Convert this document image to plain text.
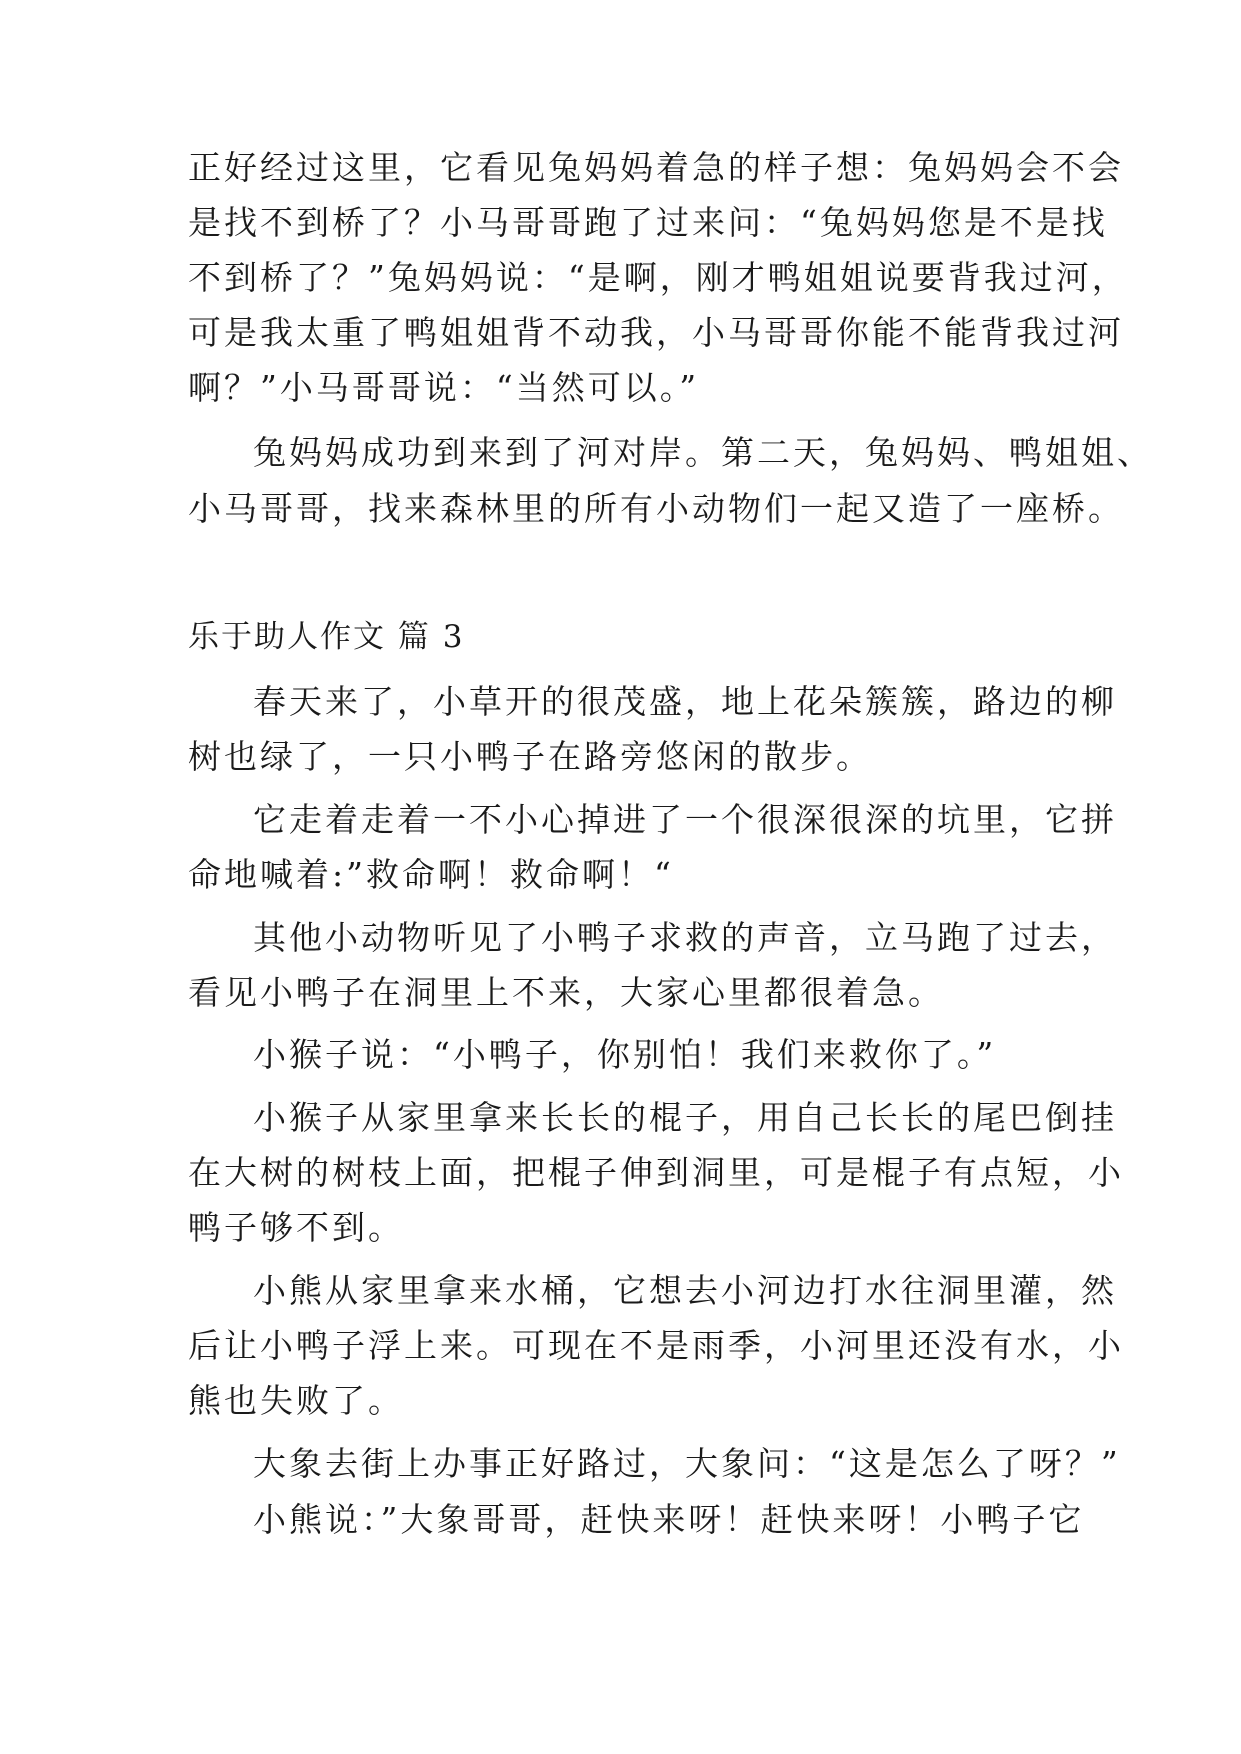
正好经过这里，它看见兔妈妈着急的样子想：兔妈妈会不会
是找不到桥了？小马哥哥跑了过来问：“兔妈妈您是不是找
不到桥了？”兔妈妈说：“是啊，刚才鸭姐姐说要背我过河，
可是我太重了鸭姐姐背不动我，小马哥哥你能不能背我过河
啊？”小马哥哥说：“当然可以。”
兔妈妈成功到来到了河对岸。第二天，兔妈妈、鸭姐姐、
小马哥哥，找来森林里的所有小动物们一起又造了一座桥。
乐于助人作文 篇 3
春天来了，小草开的很茂盛，地上花朵簇簇，路边的柳
树也绿了，一只小鸭子在路旁悠闲的散步。
它走着走着一不小心掉进了一个很深很深的坑里，它拼
命地喊着:”救命啊！救命啊！“
其他小动物听见了小鸭子求救的声音，立马跑了过去，
看见小鸭子在洞里上不来，大家心里都很着急。
小猴子说：“小鸭子，你别怕！我们来救你了。”
小猴子从家里拿来长长的棍子，用自己长长的尾巴倒挂
在大树的树枝上面，把棍子伸到洞里，可是棍子有点短，小
鸭子够不到。
小熊从家里拿来水桶，它想去小河边打水往洞里灌，然
后让小鸭子浮上来。可现在不是雨季，小河里还没有水，小
熊也失败了。
大象去街上办事正好路过，大象问：“这是怎么了呀？”
小熊说：”大象哥哥，赶快来呀！赶快来呀！小鸭子它
